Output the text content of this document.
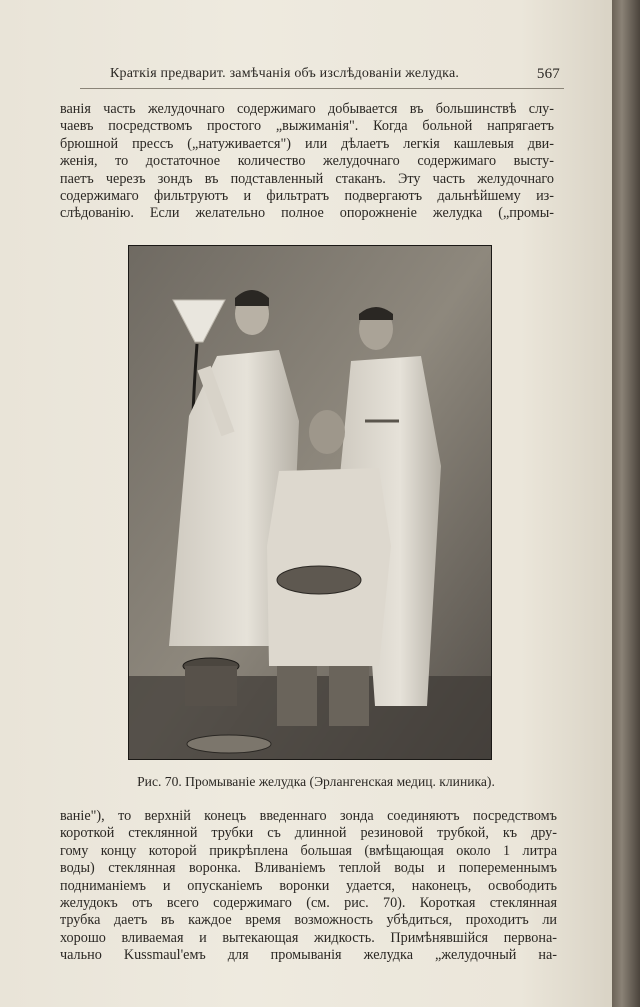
Краткія предварит. замѣчанія объ изслѣдованіи желудка.	567
ванія часть желудочнаго содержимаго добывается въ большинствѣ слу-
чаевъ посредствомъ простого „выжиманія". Когда больной напрягаетъ
брюшной прессъ („натуживается") или дѣлаетъ легкія кашлевыя дви-
женія, то достаточное количество желудочнаго содержимаго высту-
паетъ черезъ зондъ въ подставленный стаканъ. Эту часть желудочнаго
содержимаго фильтруютъ и фильтратъ подвергаютъ дальнѣйшему из-
слѣдованію. Если желательно полное опорожненіе желудка („промы-
Рис. 70. Промываніе желудка (Эрлангенская медиц. клиника).
ваніе"), то верхній конецъ введеннаго зонда соединяютъ посредствомъ
короткой стеклянной трубки съ длинной резиновой трубкой, къ дру-
гому концу которой прикрѣплена большая (вмѣщающая около 1 литра
воды) стеклянная воронка. Вливаніемъ теплой воды и попеременнымъ
подниманіемъ и опусканіемъ воронки удается, наконецъ, освободить
желудокъ отъ всего содержимаго (см. рис. 70). Короткая стеклянная
трубка даетъ въ каждое время возможность убѣдиться, проходитъ ли
хорошо вливаемая и вытекающая жидкость. Примѣнявшійся первона-
чально Kussmaul'емъ для промыванія желудка „желудочный на-
